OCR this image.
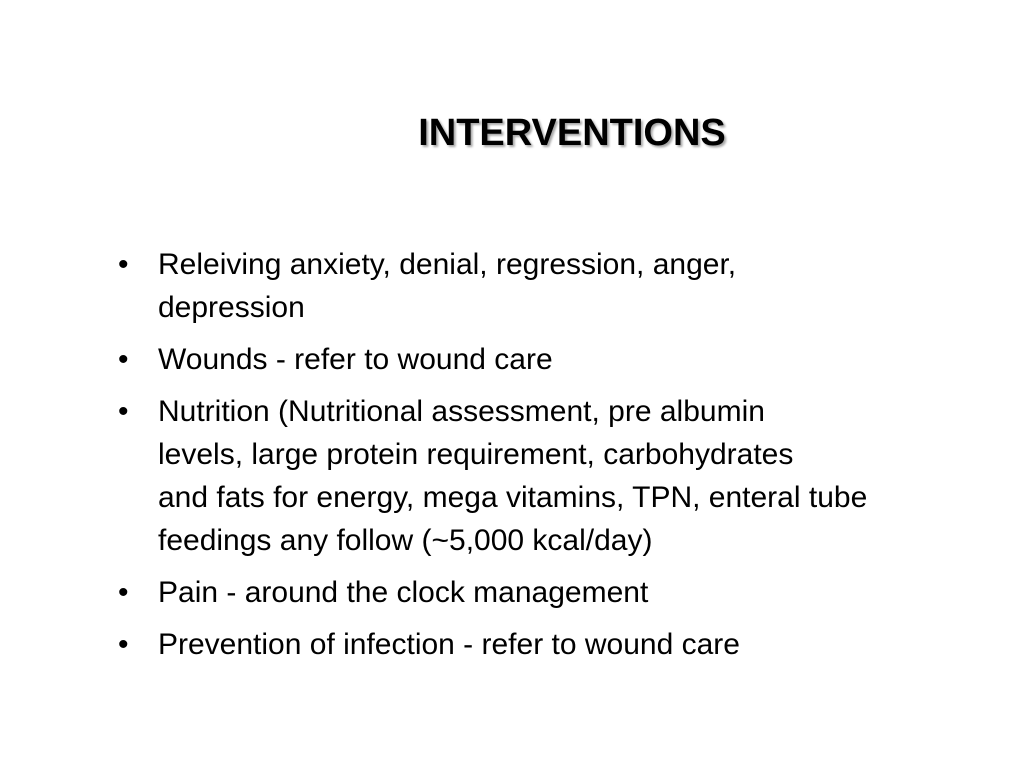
INTERVENTIONS
• Releiving anxiety, denial, regression, anger,
depression
• Wounds - refer to wound care
• Nutrition (Nutritional assessment, pre albumin
levels, large protein requirement, carbohydrates
and fats for energy, mega vitamins, TPN, enteral tube
feedings any follow (~5,000 kcal/day)
• Pain - around the clock management
• Prevention of infection - refer to wound care
